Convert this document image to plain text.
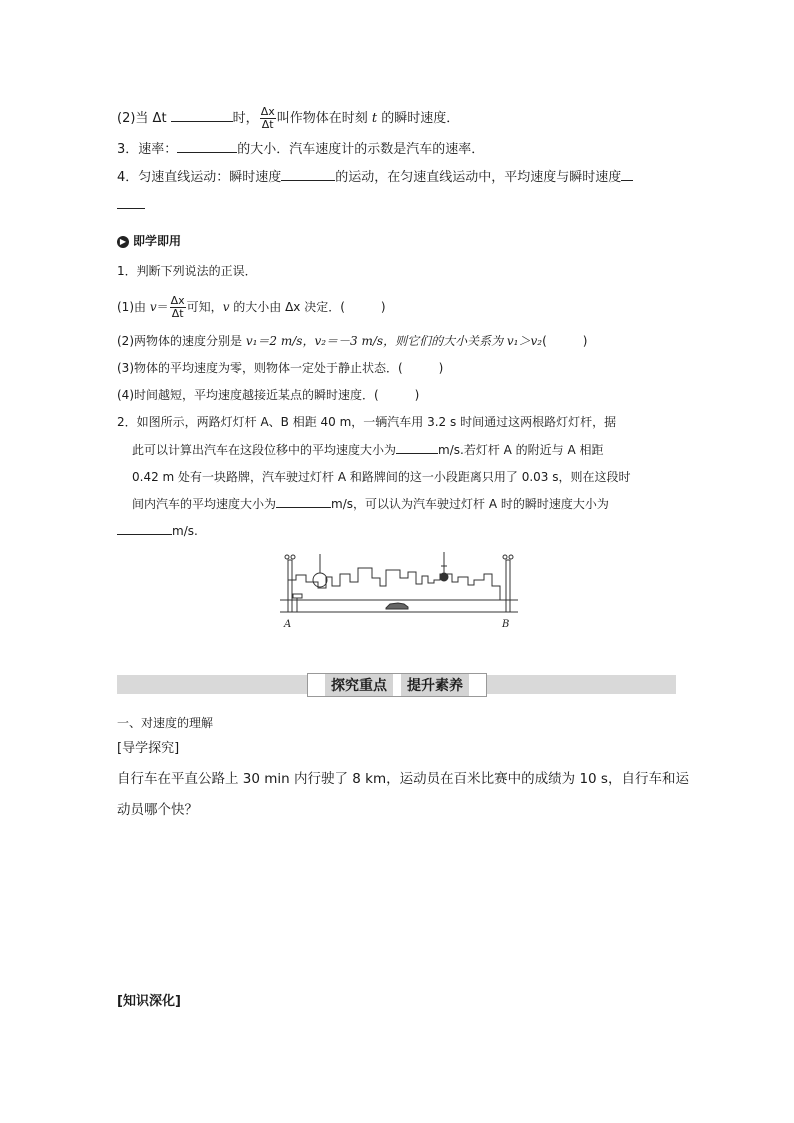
(2)当 Δt	时， $\frac{\Delta x}{\Delta t}$ 叫作物体在时刻 t 的瞬时速度．
3．速率：	的大小．汽车速度计的示数是汽车的速率．
4．匀速直线运动：瞬时速度	的运动，在匀速直线运动中，平均速度与瞬时速度
▶ 即学即用
1．判断下列说法的正误．
(1)由 $v= \frac{\Delta x}{\Delta t}$ 可知，v 的大小由 Δx 决定．(　　　)
(2)两物体的速度分别是 v₁＝2 m/s，v₂＝－3 m/s，则它们的大小关系为 v₁＞v₂(　　　)
(3)物体的平均速度为零，则物体一定处于静止状态．(　　　)
(4)时间越短，平均速度越接近某点的瞬时速度．(　　　)
2．如图所示，两路灯灯杆 A、B 相距 40 m，一辆汽车用 3.2 s 时间通过这两根路灯灯杆，据
此可以计算出汽车在这段位移中的平均速度大小为	m/s.若灯杆 A 的附近与 A 相距
0.42 m 处有一块路牌，汽车驶过灯杆 A 和路牌间的这一小段距离只用了 0.03 s，则在这段时
间内汽车的平均速度大小为	m/s，可以认为汽车驶过灯杆 A 时的瞬时速度大小为
m/s.
A	B
探究重点	提升素养
一、对速度的理解
[导学探究]
自行车在平直公路上 30 min 内行驶了 8 km，运动员在百米比赛中的成绩为 10 s，自行车和运
动员哪个快？
[知识深化]
